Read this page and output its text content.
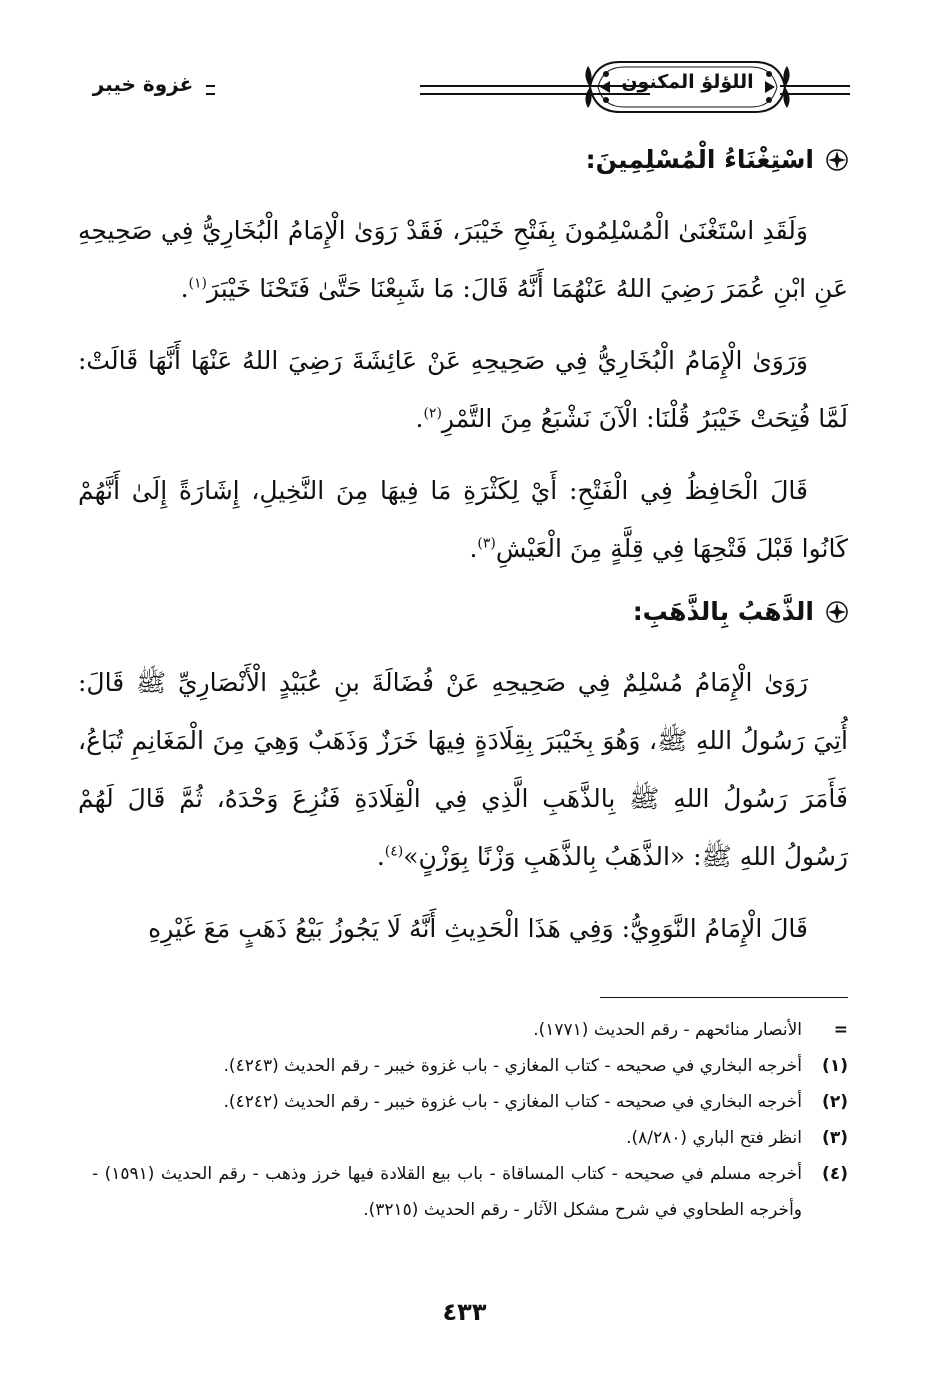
غزوة خيبر	اللؤلؤ المكنون
اسْتِغْنَاءُ الْمُسْلِمِينَ:

وَلَقَدِ اسْتَغْنَىٰ الْمُسْلِمُونَ بِفَتْحِ خَيْبَرَ، فَقَدْ رَوَىٰ الْإِمَامُ الْبُخَارِيُّ فِي صَحِيحِهِ عَنِ ابْنِ عُمَرَ رَضِيَ اللهُ عَنْهُمَا أَنَّهُ قَالَ: مَا شَبِعْنَا حَتَّىٰ فَتَحْنَا خَيْبَرَ$^{(١)}$.

وَرَوَىٰ الْإِمَامُ الْبُخَارِيُّ فِي صَحِيحِهِ عَنْ عَائِشَةَ رَضِيَ اللهُ عَنْهَا أَنَّهَا قَالَتْ: لَمَّا فُتِحَتْ خَيْبَرُ قُلْنَا: الْآنَ نَشْبَعُ مِنَ التَّمْرِ$^{(٢)}$.

قَالَ الْحَافِظُ فِي الْفَتْحِ: أَيْ لِكَثْرَةِ مَا فِيهَا مِنَ النَّخِيلِ، إِشَارَةً إِلَىٰ أَنَّهُمْ كَانُوا قَبْلَ فَتْحِهَا فِي قِلَّةٍ مِنَ الْعَيْشِ$^{(٣)}$.

الذَّهَبُ بِالذَّهَبِ:

رَوَىٰ الْإِمَامُ مُسْلِمٌ فِي صَحِيحِهِ عَنْ فُضَالَةَ بنِ عُبَيْدٍ الْأَنْصَارِيِّ ﷺ قَالَ: أُتِيَ رَسُولُ اللهِ ﷺ، وَهُوَ بِخَيْبَرَ بِقِلَادَةٍ فِيهَا خَرَزٌ وَذَهَبٌ وَهِيَ مِنَ الْمَغَانِمِ تُبَاعُ، فَأَمَرَ رَسُولُ اللهِ ﷺ بِالذَّهَبِ الَّذِي فِي الْقِلَادَةِ فَنُزِعَ وَحْدَهُ، ثُمَّ قَالَ لَهُمْ رَسُولُ اللهِ ﷺ: «الذَّهَبُ بِالذَّهَبِ وَزْنًا بِوَزْنٍ»$^{(٤)}$.

قَالَ الْإِمَامُ النَّوَوِيُّ: وَفِي هَذَا الْحَدِيثِ أَنَّهُ لَا يَجُوزُ بَيْعُ ذَهَبٍ مَعَ غَيْرِهِ

=
الأنصار منائحهم - رقم الحديث (١٧٧١).
(١)
أخرجه البخاري في صحيحه - كتاب المغازي - باب غزوة خيبر - رقم الحديث (٤٢٤٣).
(٢)
أخرجه البخاري في صحيحه - كتاب المغازي - باب غزوة خيبر - رقم الحديث (٤٢٤٢).
(٣)
انظر فتح الباري (٨/٢٨٠).
(٤)
أخرجه مسلم في صحيحه - كتاب المساقاة - باب بيع القلادة فيها خرز وذهب - رقم الحديث (١٥٩١) - وأخرجه الطحاوي في شرح مشكل الآثار - رقم الحديث (٣٢١٥).
٤٣٣
